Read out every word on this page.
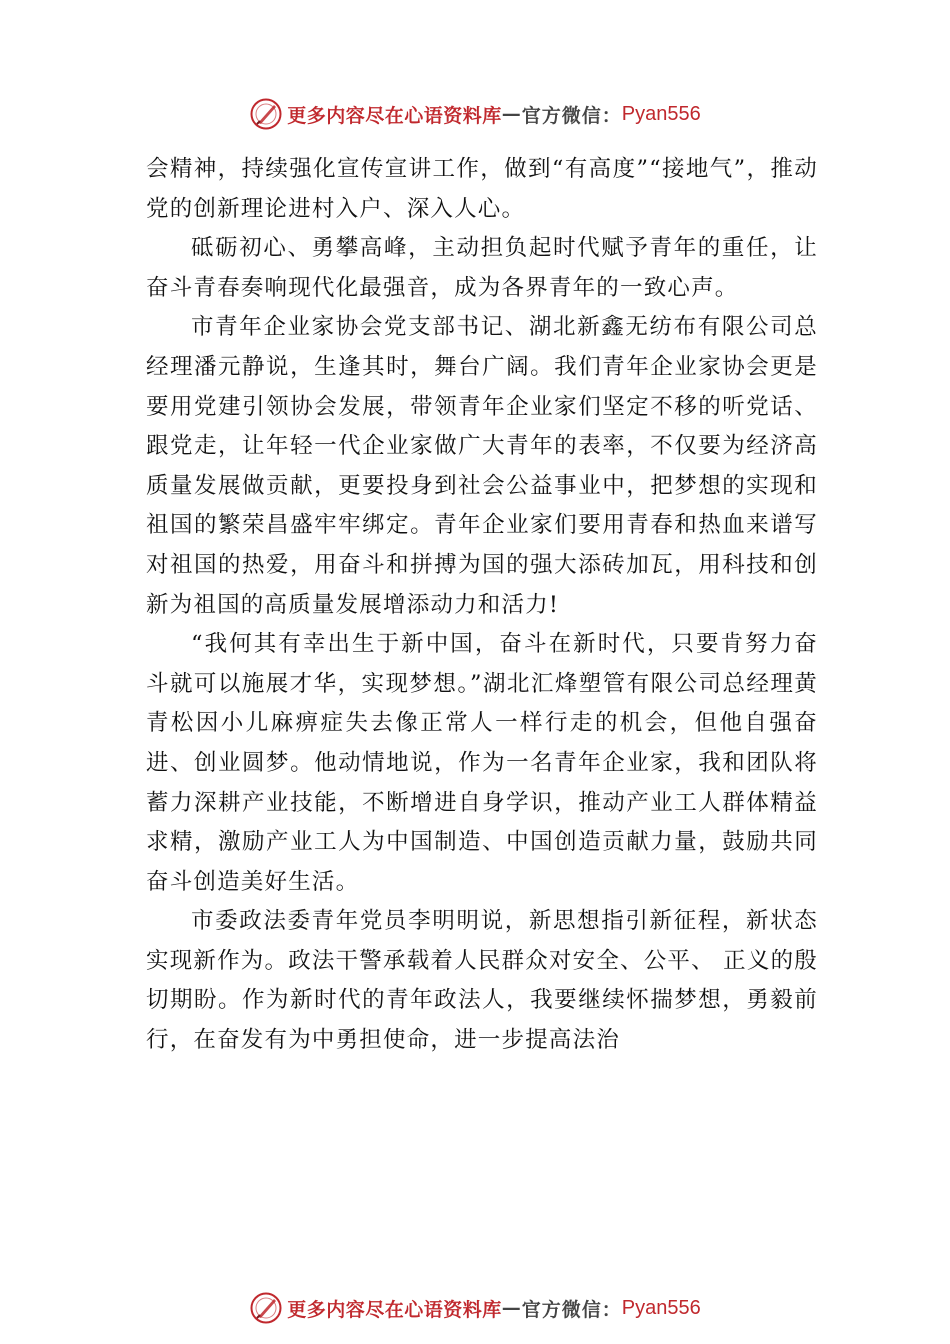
更多内容尽在心语资料库 — 官方微信： Pyan556

会精神，持续强化宣传宣讲工作，做到“有高度”“接地气”，推动党的创新理论进村入户、深入人心。

砥砺初心、勇攀高峰，主动担负起时代赋予青年的重任，让奋斗青春奏响现代化最强音，成为各界青年的一致心声。

市青年企业家协会党支部书记、湖北新鑫无纺布有限公司总经理潘元静说，生逢其时，舞台广阔。我们青年企业家协会更是要用党建引领协会发展，带领青年企业家们坚定不移的听党话、跟党走，让年轻一代企业家做广大青年的表率，不仅要为经济高质量发展做贡献，更要投身到社会公益事业中，把梦想的实现和祖国的繁荣昌盛牢牢绑定。青年企业家们要用青春和热血来谱写对祖国的热爱，用奋斗和拼搏为国的强大添砖加瓦，用科技和创新为祖国的高质量发展增添动力和活力!

“我何其有幸出生于新中国，奋斗在新时代，只要肯努力奋斗就可以施展才华，实现梦想。”湖北汇烽塑管有限公司总经理黄青松因小儿麻痹症失去像正常人一样行走的机会，但他自强奋进、创业圆梦。他动情地说，作为一名青年企业家，我和团队将蓄力深耕产业技能，不断增进自身学识，推动产业工人群体精益求精，激励产业工人为中国制造、中国创造贡献力量，鼓励共同奋斗创造美好生活。

市委政法委青年党员李明明说，新思想指引新征程，新状态实现新作为。政法干警承载着人民群众对安全、公平、 正义的殷切期盼。作为新时代的青年政法人，我要继续怀揣梦想，勇毅前行，在奋发有为中勇担使命，进一步提高法治

更多内容尽在心语资料库 — 官方微信： Pyan556
